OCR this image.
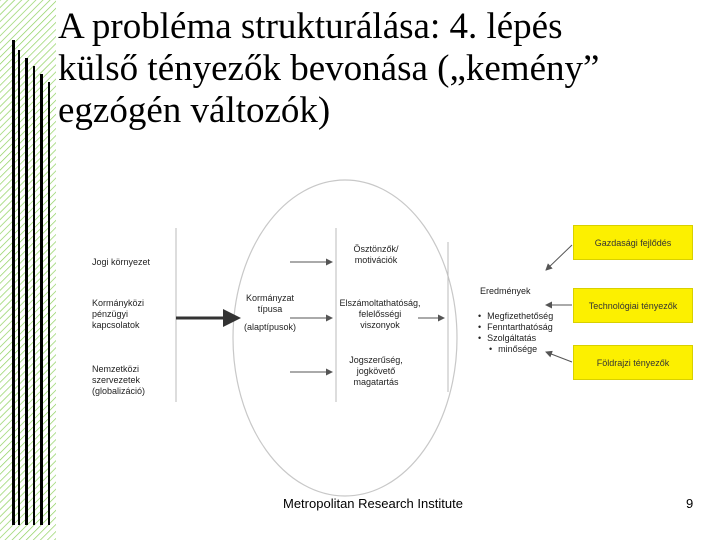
A probléma strukturálása: 4. lépés
külső tényezők bevonása („kemény”
egzógén változók)
Jogi környezet
Kormányközi
pénzügyi
kapcsolatok
Nemzetközi
szervezetek
(globalizáció)
Kormányzat
típusa
(alaptípusok)
Ösztönzők/
motivációk
Elszámoltathatóság, felelősségi
viszonyok
Jogszerűség,
jogkövető
magatartás
Eredmények
• Megfizethetőség
• Fenntarthatóság
• Szolgáltatás
• minősége
Gazdasági fejlődés
Technológiai tényezők
Földrajzi tényezők
Metropolitan Research Institute	9
